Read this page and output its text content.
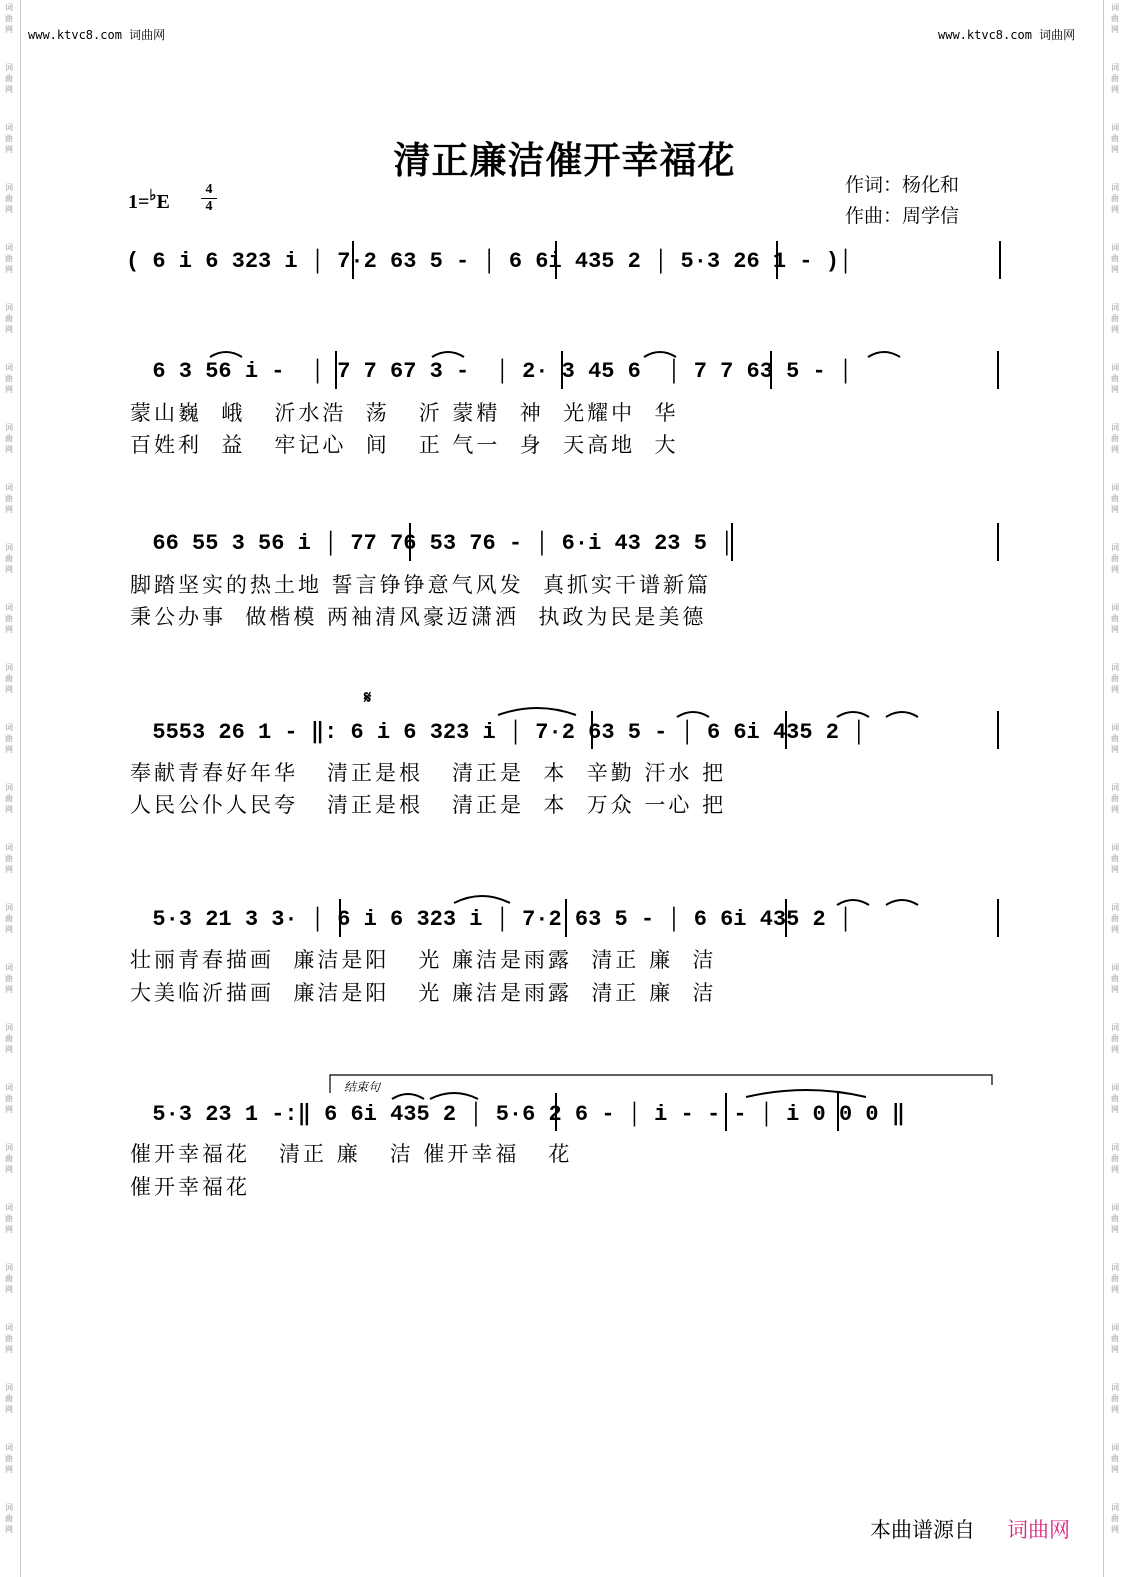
词
曲
网
词
曲
网
词
曲
网
词
曲
网
词
曲
网
词
曲
网
词
曲
网
词
曲
网
词
曲
网
词
曲
网
词
曲
网
词
曲
网
词
曲
网
词
曲
网
词
曲
网
词
曲
网
词
曲
网
词
曲
网
词
曲
网
词
曲
网
词
曲
网
词
曲
网
词
曲
网
词
曲
网
词
曲
网
词
曲
网
词
曲
网
词
曲
网
词
曲
网
词
曲
网
词
曲
网
词
曲
网
词
曲
网
词
曲
网
词
曲
网
词
曲
网
词
曲
网
词
曲
网
词
曲
网
词
曲
网
词
曲
网
词
曲
网
词
曲
网
词
曲
网
词
曲
网
词
曲
网
词
曲
网
词
曲
网
词
曲
网
词
曲
网
词
曲
网
词
曲
网
www.ktvc8.com 词曲网	www.ktvc8.com 词曲网
清正廉洁催开幸福花
1=♭E
4
4
作词：杨化和
作曲：周学信
( 6 i 6 323 i │ 7·2 63 5 - │ 6 6i 435 2 │ 5·3 26 1 - )│
6 3 56 i -  │ 7 7 67 3 -  │ 2· 3 45 6  │ 7 7 63 5 - │
蒙山巍  峨   沂水浩  荡   沂 蒙精  神  光耀中  华
百姓利  益   牢记心  间   正 气一  身  天高地  大
66 55 3 56 i │ 77 76 53 76 - │ 6·i 43 23 5 │
脚踏坚实的热土地 誓言铮铮意气风发  真抓实干谱新篇
秉公办事  做楷模 两袖清风豪迈潇洒  执政为民是美德
𝄋
5553 26 1 - ‖: 6 i 6 323 i │ 7·2 63 5 - │ 6 6i 435 2 │
奉献青春好年华   清正是根   清正是  本  辛勤 汗水 把
人民公仆人民夸   清正是根   清正是  本  万众 一心 把
5·3 21 3 3· │ 6 i 6 323 i │ 7·2 63 5 - │ 6 6i 435 2 │
壮丽青春描画  廉洁是阳   光 廉洁是雨露  清正 廉  洁
大美临沂描画  廉洁是阳   光 廉洁是雨露  清正 廉  洁
结束句
5·3 23 1 -:‖ 6 6i 435 2 │ 5·6 2 6 - │ i - - - │ i 0 0 0 ‖
催开幸福花   清正 廉   洁 催开幸福   花
催开幸福花
本曲谱源自 词曲网
